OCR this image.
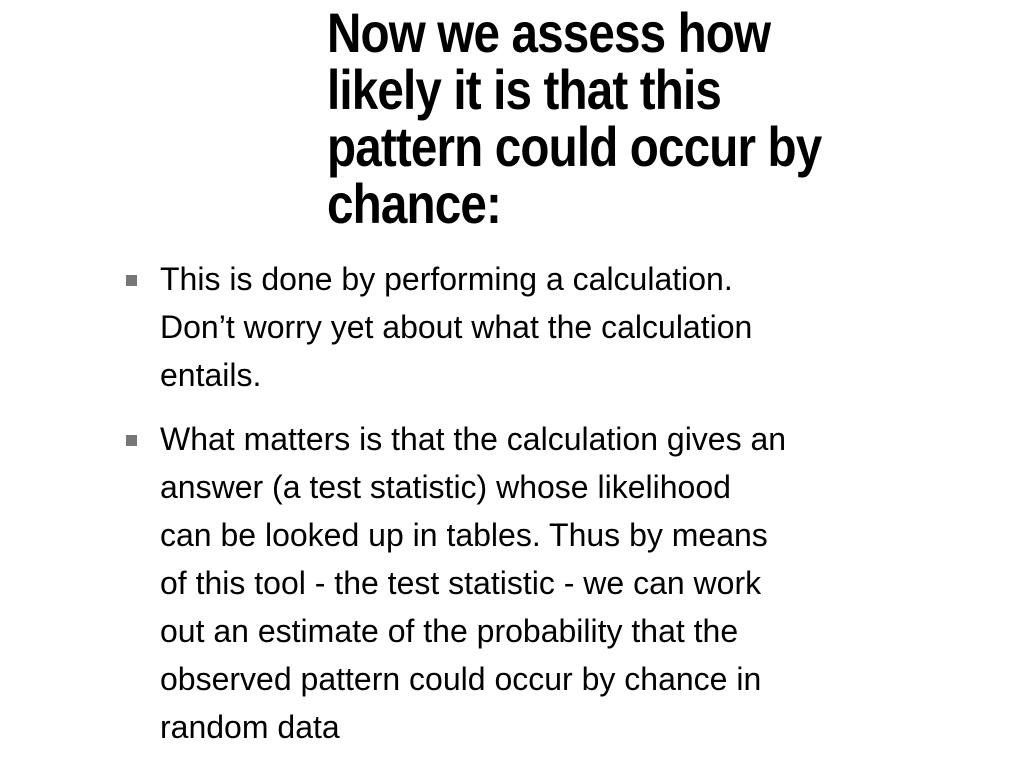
Now we assess how
likely it is that this
pattern could occur by
chance:
This is done by performing a calculation.
Don’t worry yet about what the calculation
entails.
What matters is that the calculation gives an
answer (a test statistic) whose likelihood
can be looked up in tables. Thus by means
of this tool - the test statistic - we can work
out an estimate of the probability that the
observed pattern could occur by chance in
random data
